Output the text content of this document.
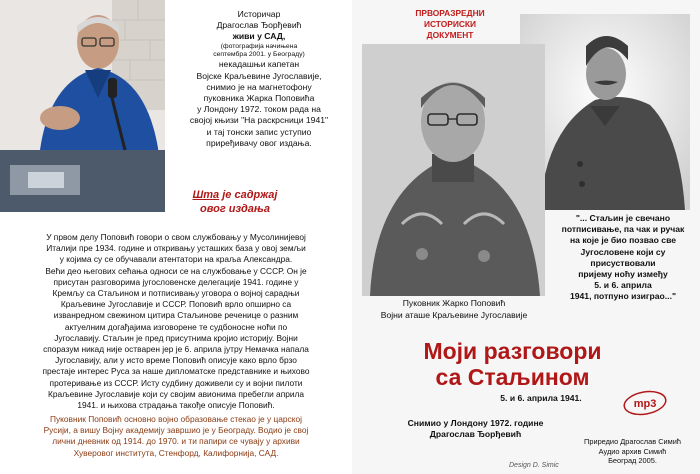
Историчар
Драгослав Ђорђевић
живи у САД,
(фотографија начињена
септембра 2001. у Београду)
некадашњи капетан
Војске Краљевине Југославије,
снимио је на магнетофону
пуковника Жарка Поповића
у Лондону 1972. током рада на
својој књизи "На раскрсници 1941"
и тај тонски запис уступио
приређивачу овог издања.
Шта је садржај
овог издања
У првом делу Поповић говори о свом службовању у Мусолинијевој
Италији пре 1934. године и откривању усташких база у овој земљи
у којима су се обучавали атентатори на краља Александра.
Већи део његових сећања односи се на службовање у СССР. Он је
присутан разговорима југословенске делегације 1941. године у
Кремљу са Стаљином и потписивању уговора о војној сарадњи
Краљевине Југославије и СССР. Поповић врло опширно са
изванредном свежином цитира Стаљинове реченице о разним
актуелним догађајима изговорене те судбоносне ноћи по
Југославију. Стаљин је пред присутнима кројио историју. Војни
споразум никад није остварен јер је 6. априла јутру Немачка напала
Југославију, али у исто време Поповић описује како врло брзо
престаје интерес Руса за наше дипломатске представнике и њихово
протеривање из СССР. Исту судбину доживели су и војни пилоти
Краљевине Југославије који су својим авионима пребегли априла
1941. и њихова страдања такође описује Поповић.
Пуковник Поповић основно војно образовање стекао је у царској
Русији, а вишу Војну академију завршио је у Београду. Водио је свој
лични дневник од 1914. до 1970. и ти папири се чувају у архиви
Хуверовог института, Стенфорд, Калифорнија, САД.
ПРВОРАЗРЕДНИ
ИСТОРИСКИ
ДОКУМЕНТ
Пуковник Жарко Поповић
Војни аташе Краљевине Југославије
"... Стаљин је свечано
потписивање, па чак и ручак
на које је био позвао све
Југословене који су
присуствовали
пријему ноћу између
5. и 6. априла
1941, потпуно изиграо..."
Моји разговори
са Стаљином
5. и 6. априла 1941.	mp3
Снимио у Лондону 1972. године
Драгослав Ђорђевић
Приредио Драгослав Симић
Аудио архив Симић
Београд 2005.
Design D. Simic
